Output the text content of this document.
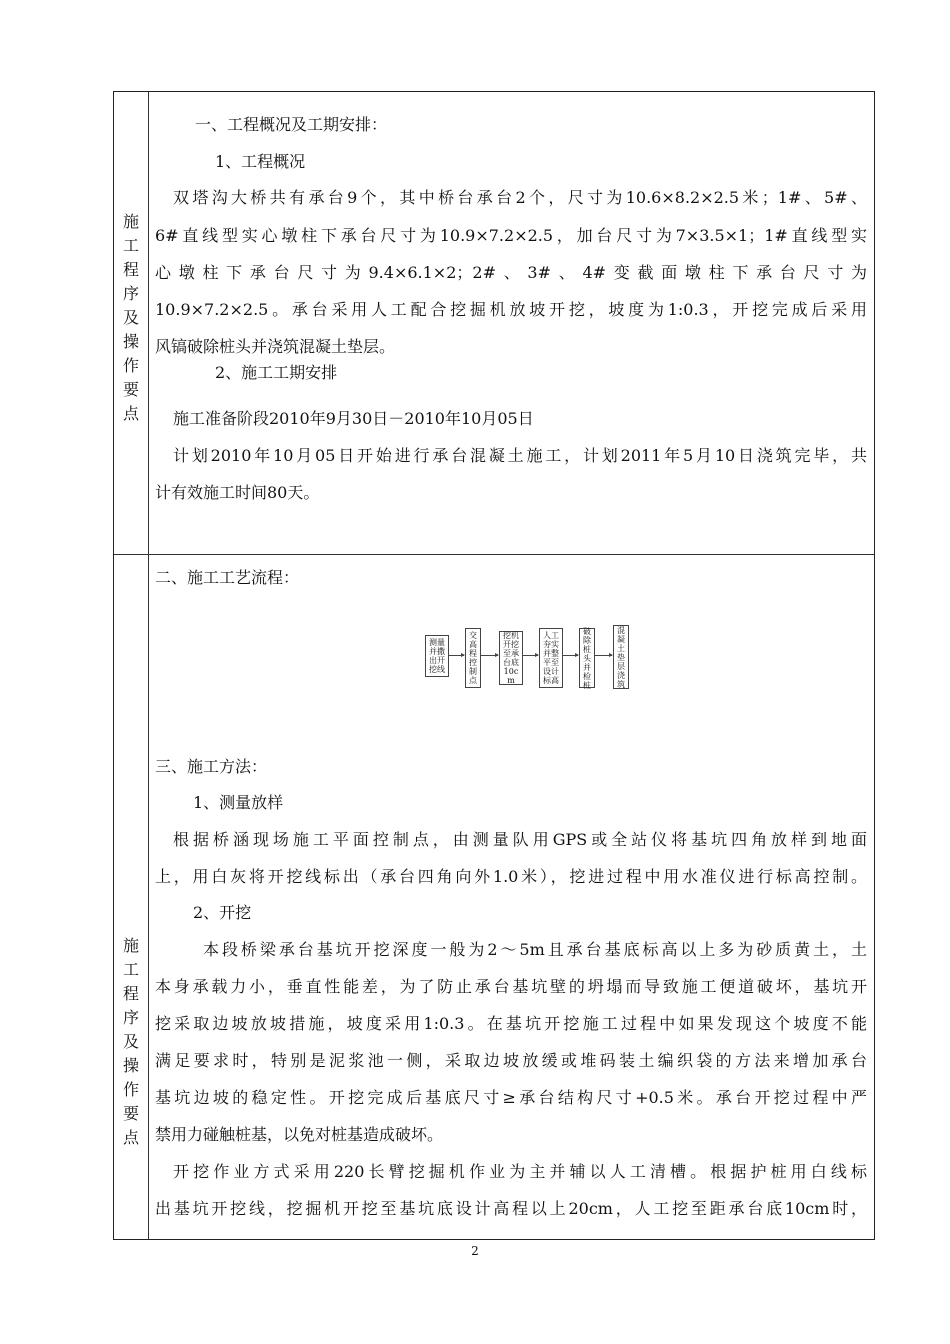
施
工
程
序
及
操
作
要
点
施
工
程
序
及
操
作
要
点
一、工程概况及工期安排：
1、工程概况
双塔沟大桥共有承台9个，其中桥台承台2个，尺寸为10.6×8.2×2.5米；1#、5#、
6#直线型实心墩柱下承台尺寸为10.9×7.2×2.5，加台尺寸为7×3.5×1；1#直线型实
心墩柱下承台尺寸为9.4×6.1×2；2#、3#、4#变截面墩柱下承台尺寸为
10.9×7.2×2.5。承台采用人工配合挖掘机放坡开挖，坡度为1:0.3，开挖完成后采用
风镐破除桩头并浇筑混凝土垫层。
2、施工工期安排
施工准备阶段2010年9月30日－2010年10月05日
计划2010年10月05日开始进行承台混凝土施工，计划2011年5月10日浇筑完毕，共
计有效施工时间80天。
二、施工工艺流程：
测量并撒出开挖线
交高程控制点
挖机开挖至承台底10cm
人工夯实并整平至设计标高
破除桩头并检桩
混凝土垫层浇筑
三、施工方法：
1、测量放样
根据桥涵现场施工平面控制点，由测量队用GPS或全站仪将基坑四角放样到地面
上，用白灰将开挖线标出（承台四角向外1.0米），挖进过程中用水准仪进行标高控制。
2、开挖
本段桥梁承台基坑开挖深度一般为2～5m且承台基底标高以上多为砂质黄土，土
本身承载力小，垂直性能差，为了防止承台基坑壁的坍塌而导致施工便道破坏，基坑开
挖采取边坡放坡措施，坡度采用1:0.3。在基坑开挖施工过程中如果发现这个坡度不能
满足要求时，特别是泥浆池一侧，采取边坡放缓或堆码装土编织袋的方法来增加承台
基坑边坡的稳定性。开挖完成后基底尺寸≥承台结构尺寸+0.5米。承台开挖过程中严
禁用力碰触桩基，以免对桩基造成破坏。
开挖作业方式采用220长臂挖掘机作业为主并辅以人工清槽。根据护桩用白线标
出基坑开挖线，挖掘机开挖至基坑底设计高程以上20cm，人工挖至距承台底10cm时，
2
